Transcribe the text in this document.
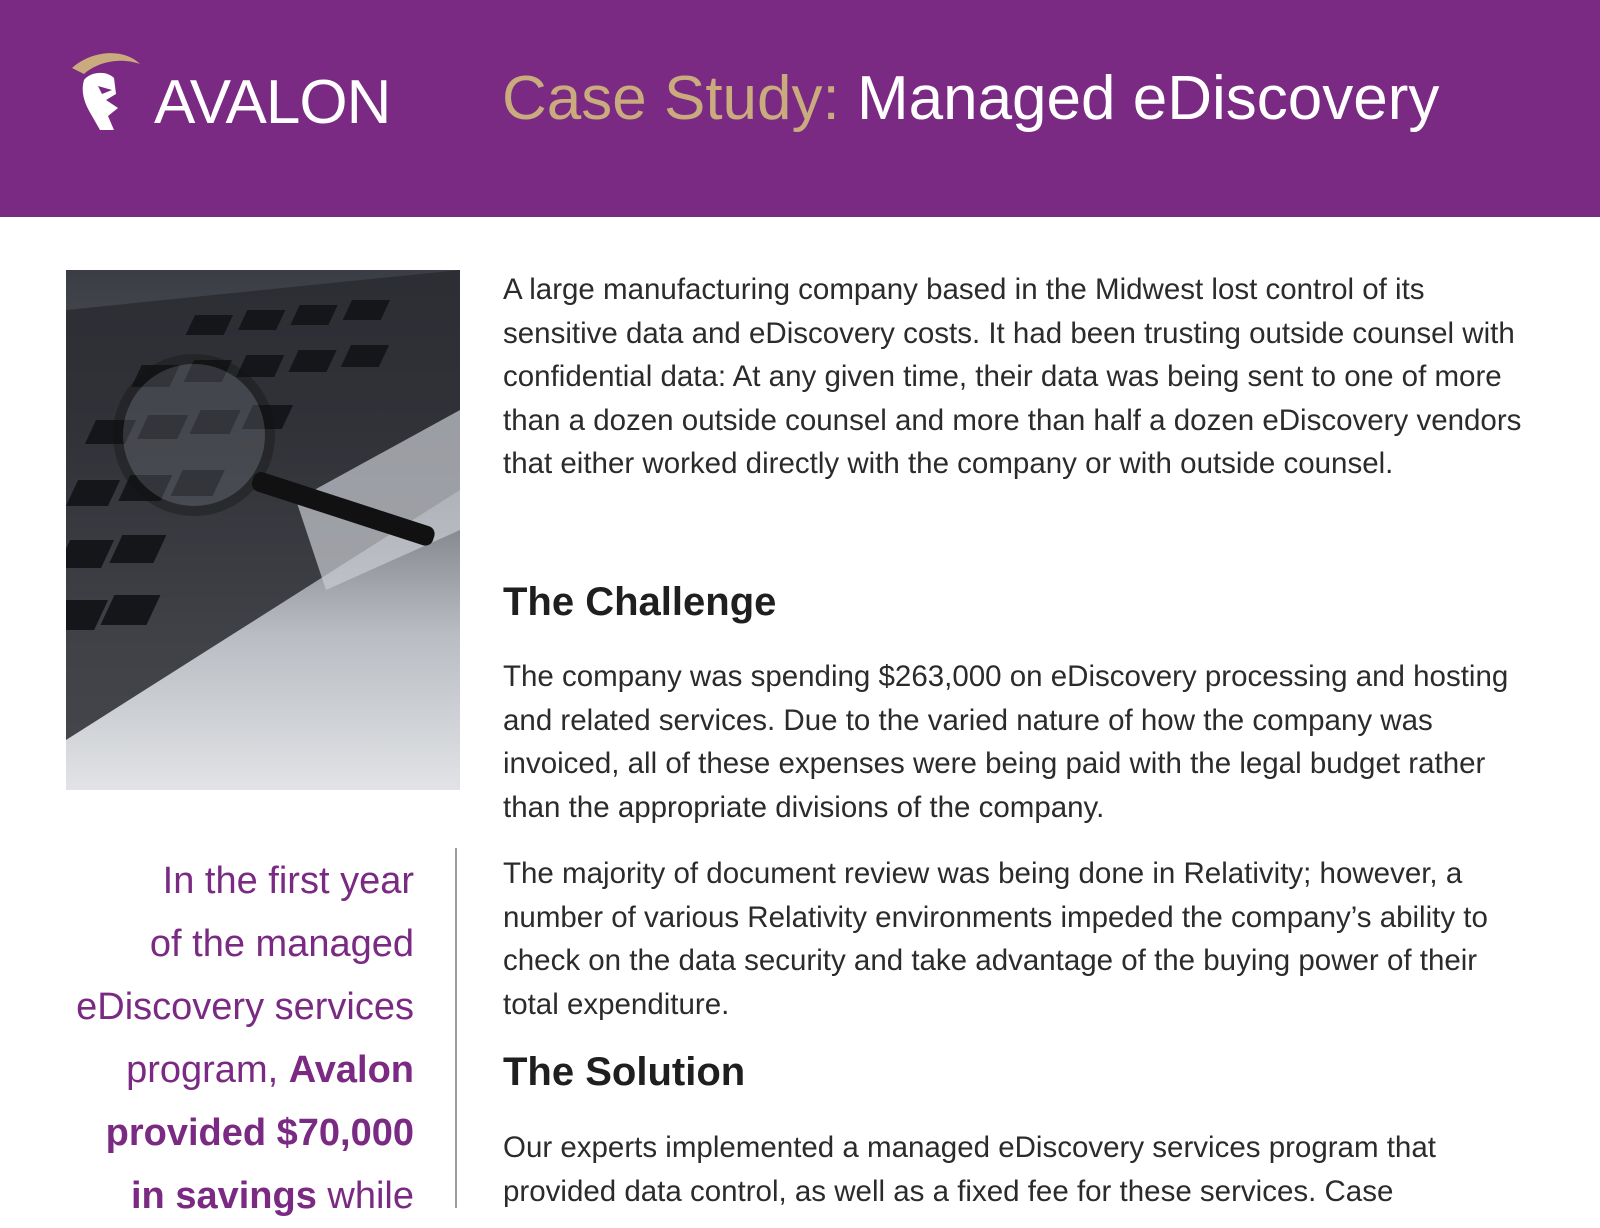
AVALON Case Study: Managed eDiscovery
In the first year
of the managed
eDiscovery services
program, Avalon
provided $70,000
in savings while

A large manufacturing company based in the Midwest lost control of its sensitive data and eDiscovery costs. It had been trusting outside counsel with confidential data: At any given time, their data was being sent to one of more than a dozen outside counsel and more than half a dozen eDiscovery vendors that either worked directly with the company or with outside counsel.

The Challenge

The company was spending $263,000 on eDiscovery processing and hosting and related services. Due to the varied nature of how the company was invoiced, all of these expenses were being paid with the legal budget rather than the appropriate divisions of the company.

The majority of document review was being done in Relativity; however, a number of various Relativity environments impeded the company’s ability to check on the data security and take advantage of the buying power of their total expenditure.

The Solution

Our experts implemented a managed eDiscovery services program that provided data control, as well as a fixed fee for these services. Case
